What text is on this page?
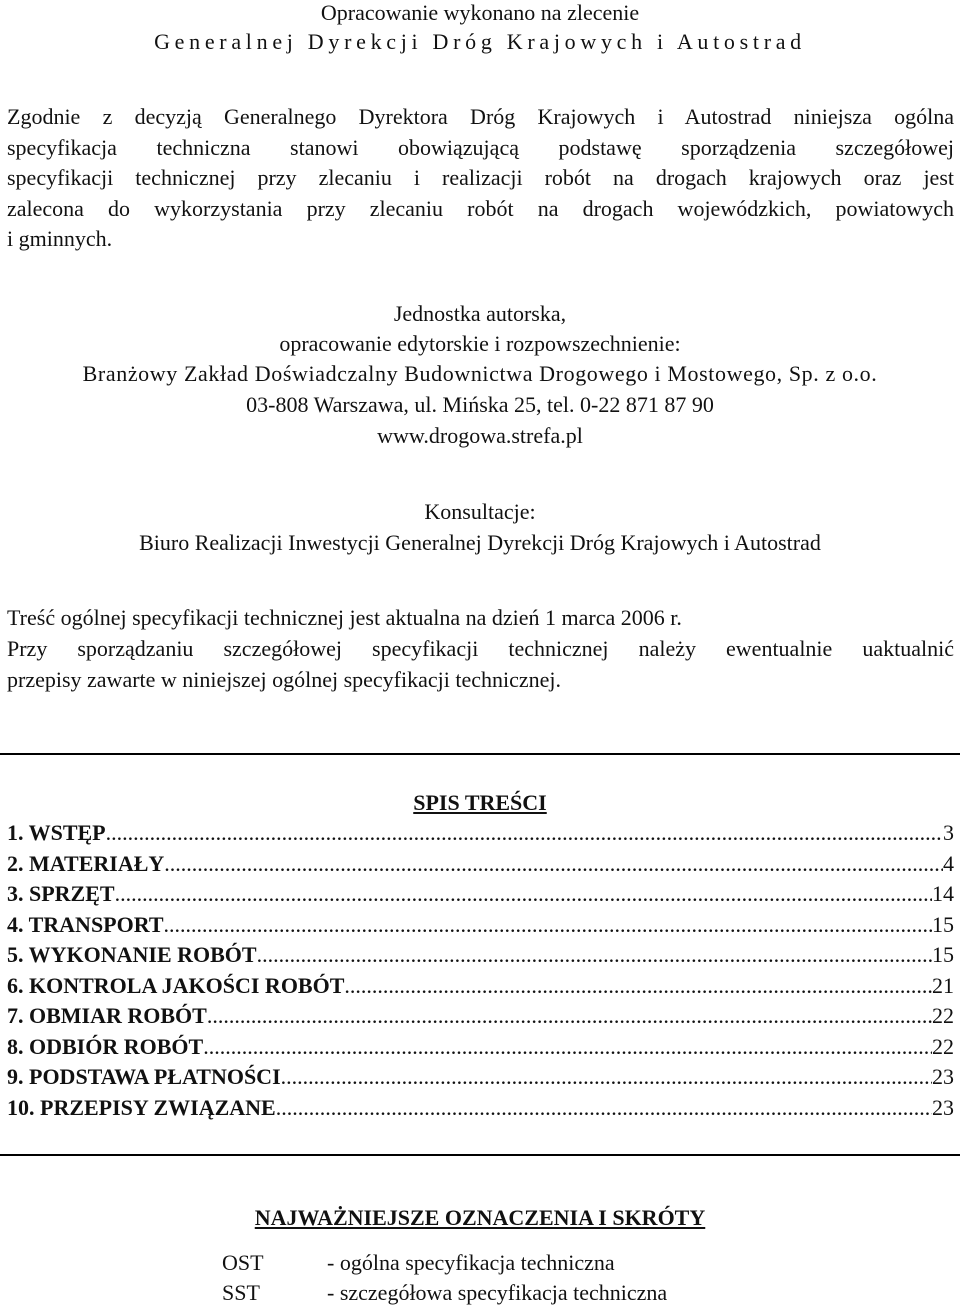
Opracowanie wykonano na zlecenie
Generalnej Dyrekcji Dróg Krajowych i Autostrad
Zgodnie z decyzją Generalnego Dyrektora Dróg Krajowych i Autostrad niniejsza ogólna
specyfikacja techniczna stanowi obowiązującą podstawę sporządzenia szczegółowej
specyfikacji technicznej przy zlecaniu i realizacji robót na drogach krajowych oraz jest
zalecona do wykorzystania przy zlecaniu robót na drogach wojewódzkich, powiatowych
i gminnych.
Jednostka autorska,
opracowanie edytorskie i rozpowszechnienie:
Branżowy Zakład Doświadczalny Budownictwa Drogowego i Mostowego, Sp. z o.o.
03-808 Warszawa, ul. Mińska 25, tel. 0-22 871 87 90
www.drogowa.strefa.pl
Konsultacje:
Biuro Realizacji Inwestycji Generalnej Dyrekcji Dróg Krajowych i Autostrad
Treść ogólnej specyfikacji technicznej jest aktualna na dzień 1 marca 2006 r.
Przy sporządzaniu szczegółowej specyfikacji technicznej należy ewentualnie uaktualnić
przepisy zawarte w niniejszej ogólnej specyfikacji technicznej.
SPIS TREŚCI
1. WSTĘP .....	3
2. MATERIAŁY .....	4
3. SPRZĘT .....	14
4. TRANSPORT .....	15
5. WYKONANIE ROBÓT .....	15
6. KONTROLA JAKOŚCI ROBÓT .....	21
7. OBMIAR ROBÓT .....	22
8. ODBIÓR ROBÓT .....	22
9. PODSTAWA PŁATNOŚCI .....	23
10. PRZEPISY ZWIĄZANE .....	23
NAJWAŻNIEJSZE OZNACZENIA I SKRÓTY
OST	- ogólna specyfikacja techniczna
SST	- szczegółowa specyfikacja techniczna
